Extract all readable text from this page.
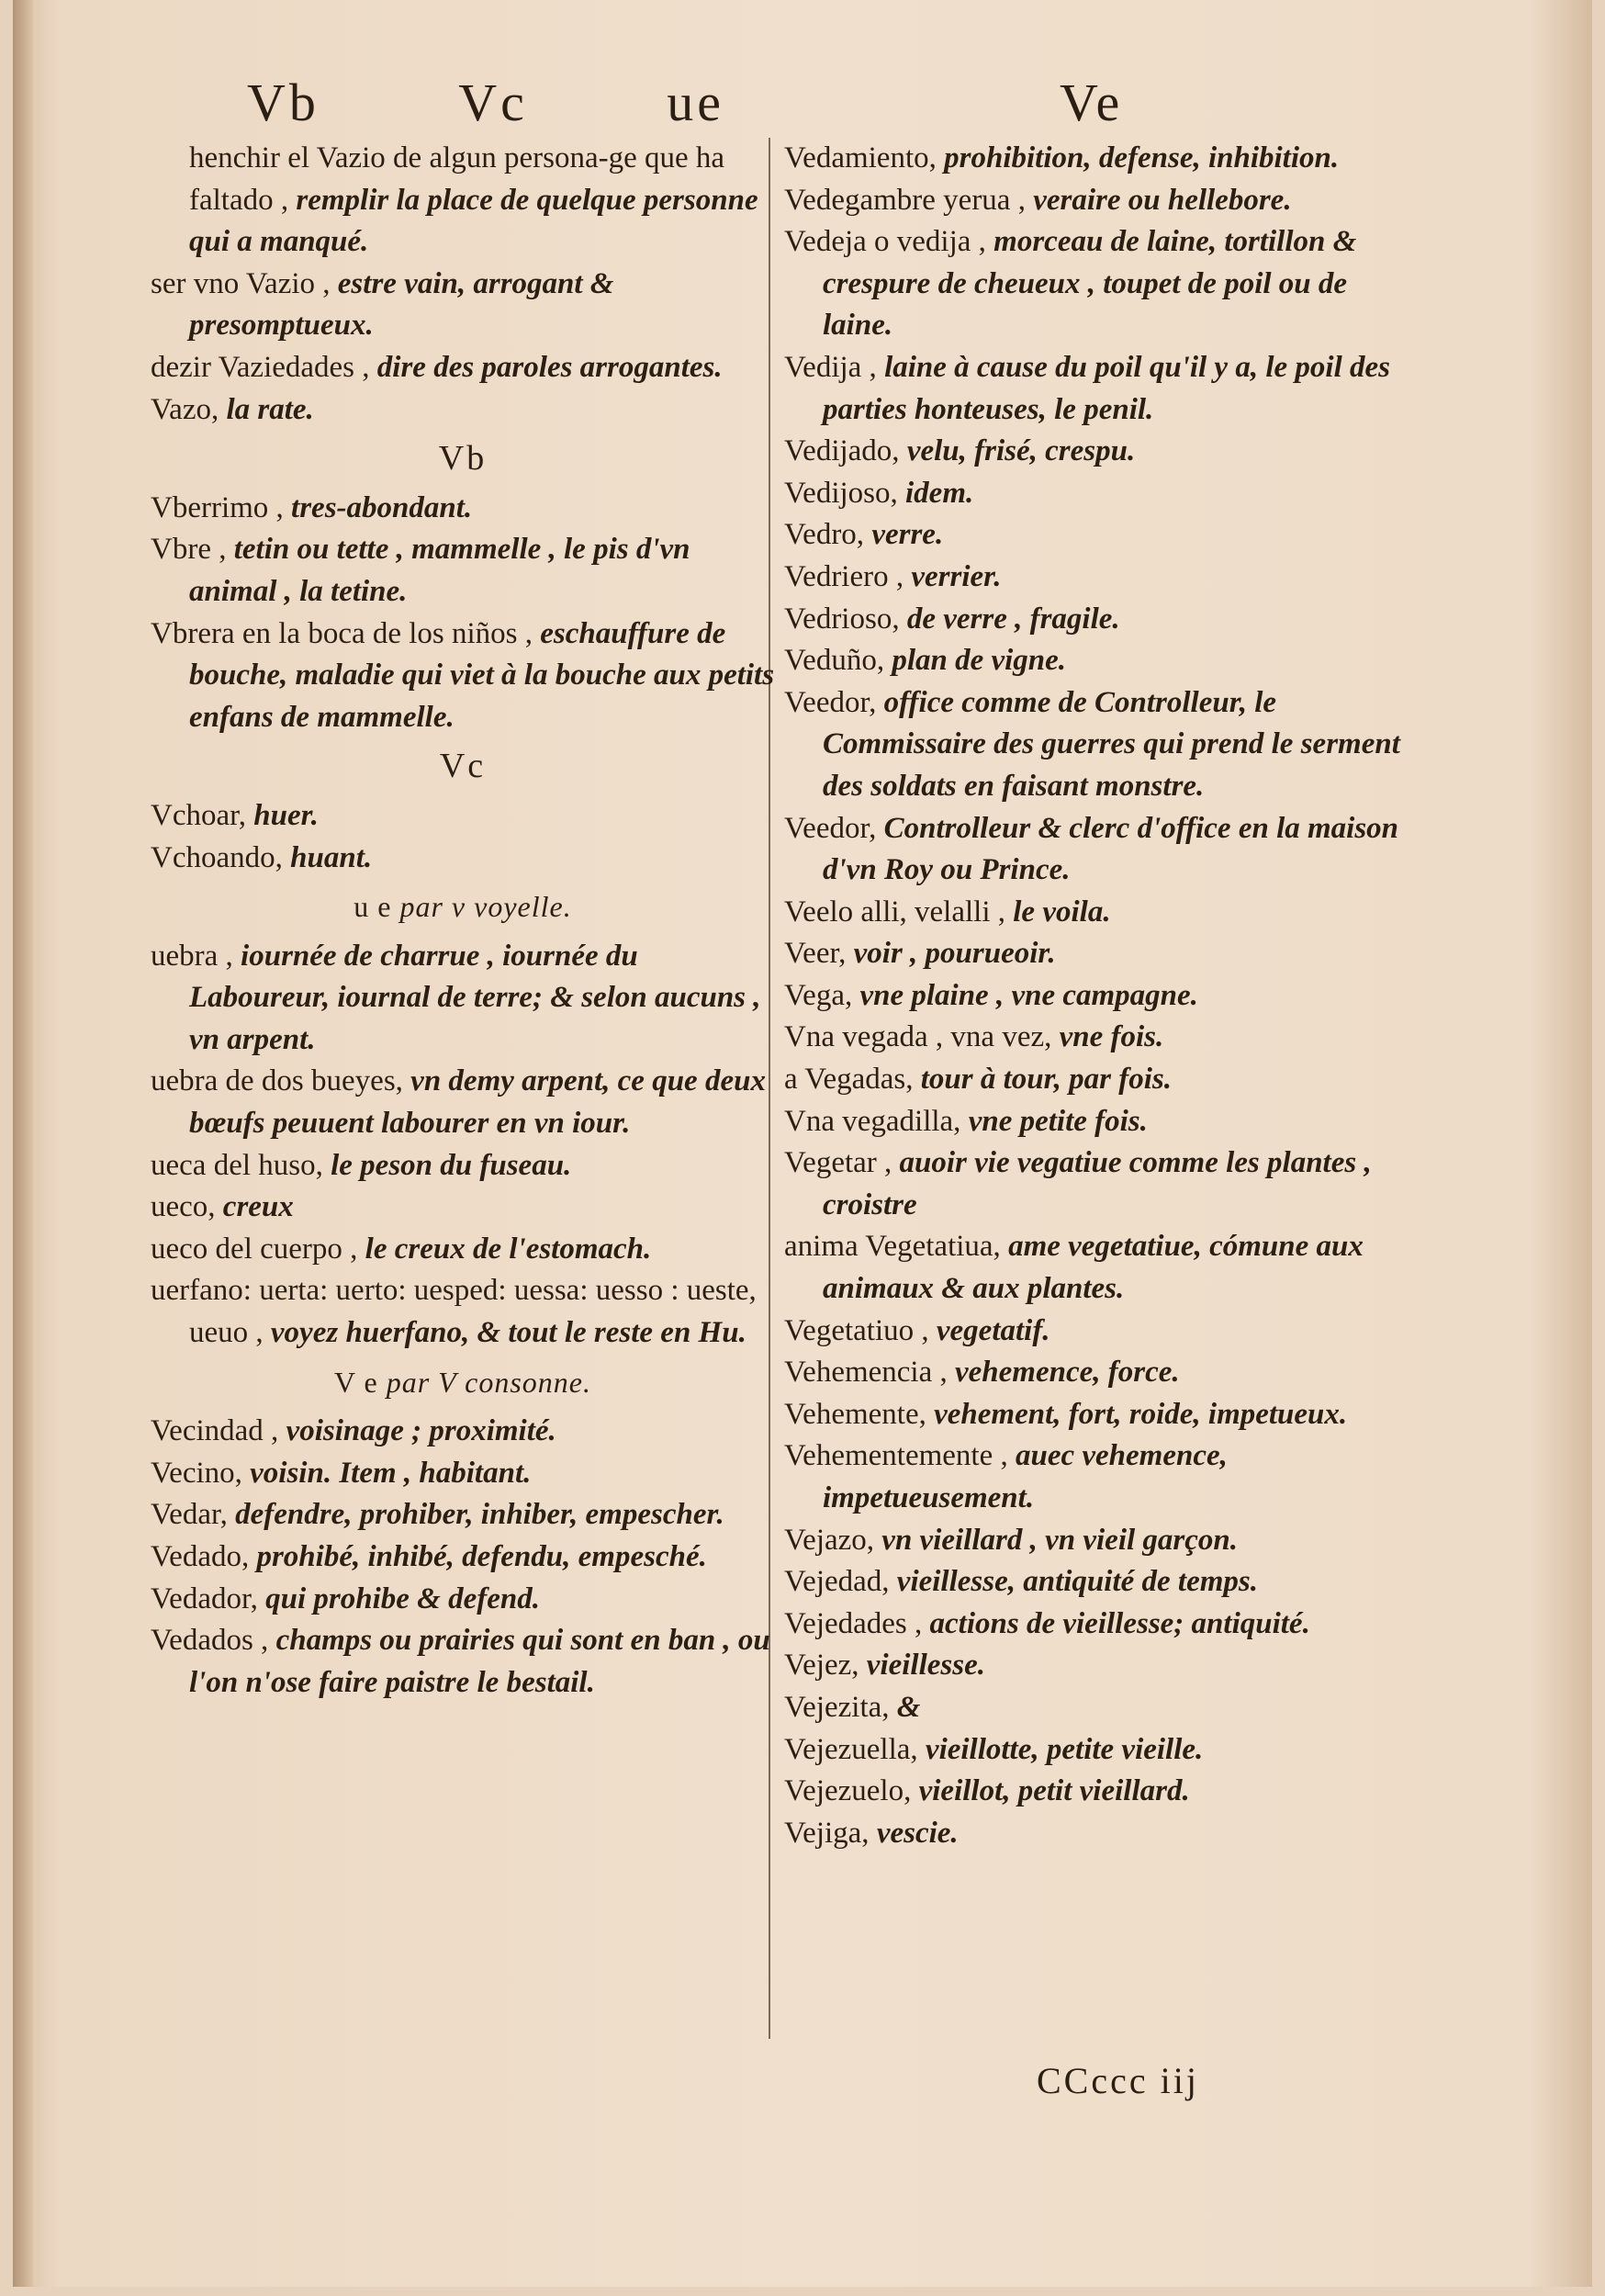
Vb	Vc	ue	Ve

henchir el Vazio de algun persona-ge que ha faltado , remplir la place de quelque personne qui a manqué.

ser vno Vazio , estre vain, arrogant & presomptueux.

dezir Vaziedades , dire des paroles arrogantes.

Vazo, la rate.

Vb

Vberrimo , tres-abondant.

Vbre , tetin ou tette , mammelle , le pis d'vn animal , la tetine.

Vbrera en la boca de los niños , eschauffure de bouche, maladie qui viet à la bouche aux petits enfans de mammelle.

Vc

Vchoar, huer.

Vchoando, huant.

u e par v voyelle.

uebra , iournée de charrue , iournée du Laboureur, iournal de terre; & selon aucuns , vn arpent.

uebra de dos bueyes, vn demy arpent, ce que deux bœufs peuuent labourer en vn iour.

ueca del huso, le peson du fuseau.

ueco, creux

ueco del cuerpo , le creux de l'estomach.

uerfano: uerta: uerto: uesped: uessa: uesso : ueste, ueuo , voyez huerfano, & tout le reste en Hu.

V e par V consonne.

Vecindad , voisinage ; proximité.

Vecino, voisin. Item , habitant.

Vedar, defendre, prohiber, inhiber, empescher.

Vedado, prohibé, inhibé, defendu, empesché.

Vedador, qui prohibe & defend.

Vedados , champs ou prairies qui sont en ban , ou l'on n'ose faire paistre le bestail.

Vedamiento, prohibition, defense, inhibition.

Vedegambre yerua , veraire ou hellebore.

Vedeja o vedija , morceau de laine, tortillon & crespure de cheueux , toupet de poil ou de laine.

Vedija , laine à cause du poil qu'il y a, le poil des parties honteuses, le penil.

Vedijado, velu, frisé, crespu.

Vedijoso, idem.

Vedro, verre.

Vedriero , verrier.

Vedrioso, de verre , fragile.

Veduño, plan de vigne.

Veedor, office comme de Controlleur, le Commissaire des guerres qui prend le serment des soldats en faisant monstre.

Veedor, Controlleur & clerc d'office en la maison d'vn Roy ou Prince.

Veelo alli, velalli , le voila.

Veer, voir , pourueoir.

Vega, vne plaine , vne campagne.

Vna vegada , vna vez, vne fois.

a Vegadas, tour à tour, par fois.

Vna vegadilla, vne petite fois.

Vegetar , auoir vie vegatiue comme les plantes , croistre

anima Vegetatiua, ame vegetatiue, cómune aux animaux & aux plantes.

Vegetatiuo , vegetatif.

Vehemencia , vehemence, force.

Vehemente, vehement, fort, roide, impetueux.

Vehementemente , auec vehemence, impetueusement.

Vejazo, vn vieillard , vn vieil garçon.

Vejedad, vieillesse, antiquité de temps.

Vejedades , actions de vieillesse; antiquité.

Vejez, vieillesse.

Vejezita, &

Vejezuella, vieillotte, petite vieille.

Vejezuelo, vieillot, petit vieillard.

Vejiga, vescie.

CCccc iij
